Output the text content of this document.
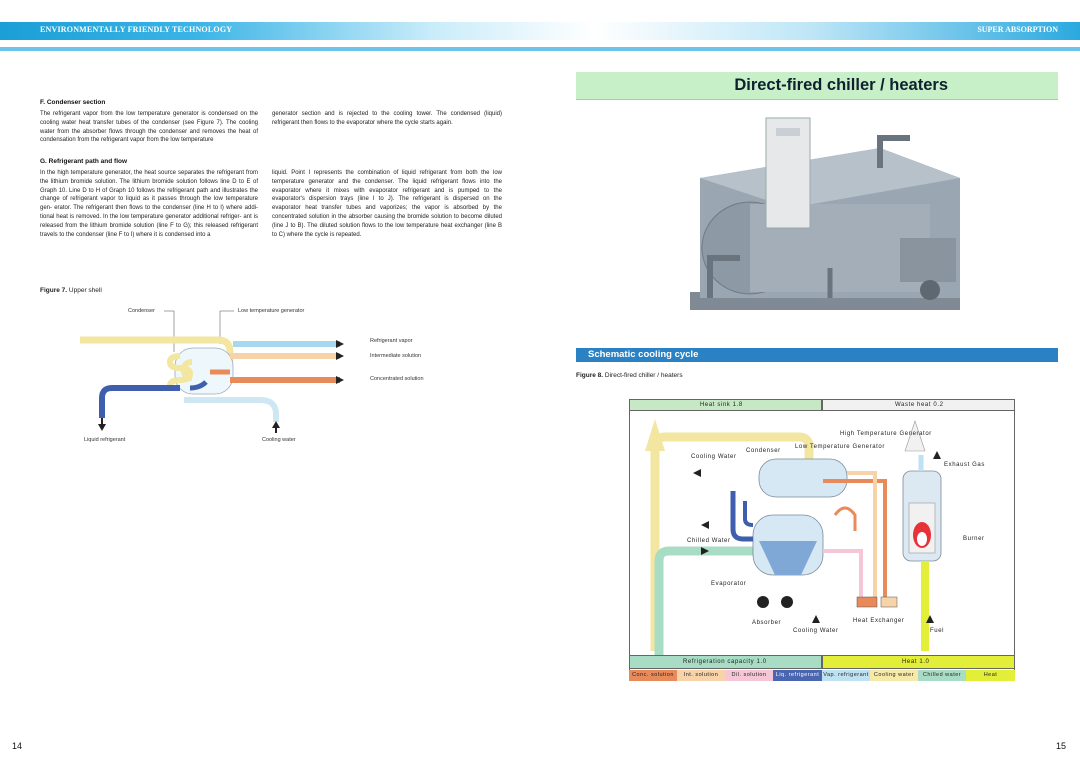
ENVIRONMENTALLY FRIENDLY TECHNOLOGY	SUPER ABSORPTION
F. Condenser section
The refrigerant vapor from the low temperature generator is condensed on the cooling water heat transfer tubes of the condenser (see Figure 7). The cooling water from the absorber flows through the condenser and removes the heat of condensation from the refrigerant vapor from the low temperature
generator section and is rejected to the cooling tower. The condensed (liquid) refrigerant then flows to the evaporator where the cycle starts again.
G. Refrigerant path and flow
In the high temperature generator, the heat source separates the refrigerant from the lithium bromide solution. The lithium bromide solution follows line D to E of Graph 10. Line D to H of Graph 10 follows the refrigerant path and illustrates the change of refrigerant vapor to liquid as it passes through the low temperature gen- erator. The refrigerant then flows to the condenser (line H to I) where addi- tional heat is removed. In the low temperature generator additional refriger- ant is released from the lithium bromide solution (line F to G); this released refrigerant travels to the condenser (line F to I) where it is condensed into a
liquid. Point I represents the combination of liquid refrigerant from both the low temperature generator and the condenser. The liquid refrigerant flows into the evaporator where it mixes with evaporator refrigerant and is pumped to the evaporator's dispersion trays (line I to J). The refrigerant is dispersed on the evaporator heat transfer tubes and vaporizes; the vapor is absorbed by the concentrated solution in the absorber causing the bromide solution to become diluted (line J to B). The diluted solution flows to the low temperature heat exchanger (line B to C) where the cycle is repeated.
Figure 7. Upper shell
Condenser	Low temperature generator
Refrigerant vapor
Intermediate solution
Concentrated solution
Liquid refrigerant	Cooling water
Direct-fired chiller / heaters
Schematic cooling cycle
Figure 8. Direct-fired chiller / heaters
Heat sink 1.8	Waste heat 0.2
High Temperature Generator
Low Temperature Generator
Condenser
Cooling Water
Exhaust Gas
Chilled Water	Burner
Evaporator
Absorber	Heat Exchanger
Cooling Water	Fuel
Refrigeration capacity 1.0	Heat 1.0
Conc. solution	Int. solution	Dil. solution	Liq. refrigerant Vap. refrigerant Cooling water	Chilled water	Heat
14	15
